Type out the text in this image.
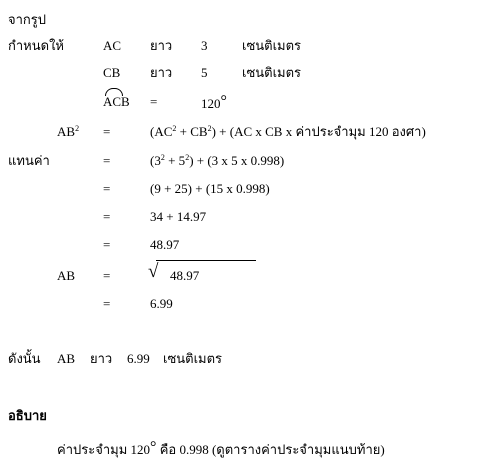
จากรูป
กำหนดให้	AC ยาว 3	เซนติเมตร
CB ยาว 5	เซนติเมตร
ACB =	120°
$AB^2$ =	$(AC^2 + CB^2) + (AC$ x CB x ค่าประจำมุม 120 องศา)
แทนค่า	=	$(3^2 + 5^2) + (3$ x 5 x 0.998)
=	(9 + 25) + (15 x 0.998)
=	34 + 14.97
=	48.97
AB = √ 48.97
=	6.99
ดังนั้น AB ยาว 6.99 เซนติเมตร
อธิบาย
ค่าประจำมุม 120° คือ 0.998 (ดูตารางค่าประจำมุมแนบท้าย)
